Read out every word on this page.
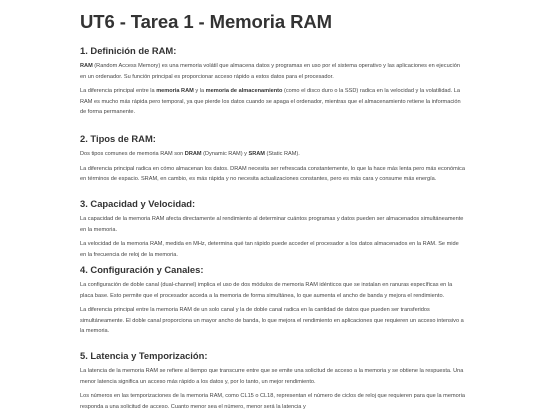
UT6 - Tarea 1 - Memoria RAM
1. Definición de RAM:

RAM (Random Access Memory) es una memoria volátil que almacena datos y programas en uso por el sistema operativo y las aplicaciones en ejecución en un ordenador. Su función principal es proporcionar acceso rápido a estos datos para el procesador.

La diferencia principal entre la memoria RAM y la memoria de almacenamiento (como el disco duro o la SSD) radica en la velocidad y la volatilidad. La RAM es mucho más rápida pero temporal, ya que pierde los datos cuando se apaga el ordenador, mientras que el almacenamiento retiene la información de forma permanente.

2. Tipos de RAM:

Dos tipos comunes de memoria RAM son DRAM (Dynamic RAM) y SRAM (Static RAM).

La diferencia principal radica en cómo almacenan los datos. DRAM necesita ser refrescada constantemente, lo que la hace más lenta pero más económica en términos de espacio. SRAM, en cambio, es más rápida y no necesita actualizaciones constantes, pero es más cara y consume más energía.

3. Capacidad y Velocidad:

La capacidad de la memoria RAM afecta directamente al rendimiento al determinar cuántos programas y datos pueden ser almacenados simultáneamente en la memoria.

La velocidad de la memoria RAM, medida en MHz, determina qué tan rápido puede acceder el procesador a los datos almacenados en la RAM. Se mide en la frecuencia de reloj de la memoria.

4. Configuración y Canales:

La configuración de doble canal (dual-channel) implica el uso de dos módulos de memoria RAM idénticos que se instalan en ranuras específicas en la placa base. Esto permite que el procesador acceda a la memoria de forma simultánea, lo que aumenta el ancho de banda y mejora el rendimiento.

La diferencia principal entre la memoria RAM de un solo canal y la de doble canal radica en la cantidad de datos que pueden ser transferidos simultáneamente. El doble canal proporciona un mayor ancho de banda, lo que mejora el rendimiento en aplicaciones que requieren un acceso intensivo a la memoria.

5. Latencia y Temporización:

La latencia de la memoria RAM se refiere al tiempo que transcurre entre que se emite una solicitud de acceso a la memoria y se obtiene la respuesta. Una menor latencia significa un acceso más rápido a los datos y, por lo tanto, un mejor rendimiento.

Los números en las temporizaciones de la memoria RAM, como CL15 o CL18, representan el número de ciclos de reloj que requieren para que la memoria responda a una solicitud de acceso. Cuanto menor sea el número, menor será la latencia y
